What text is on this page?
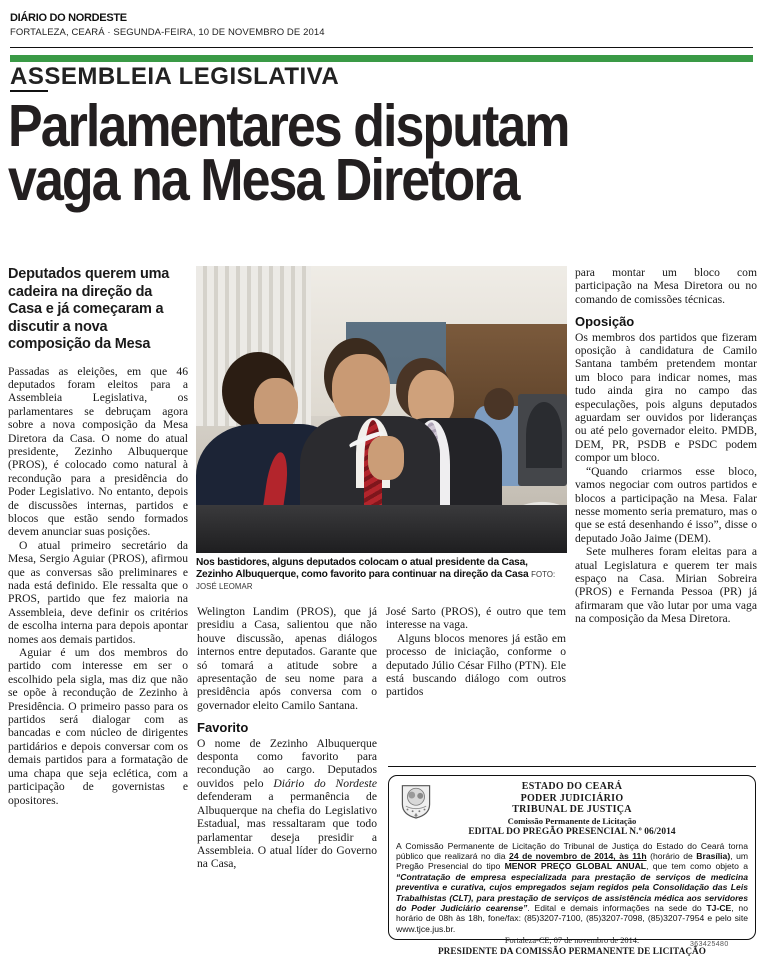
DIÁRIO DO NORDESTE
FORTALEZA, CEARÁ · SEGUNDA-FEIRA, 10 DE NOVEMBRO DE 2014
ASSEMBLEIA LEGISLATIVA
Parlamentares disputam
vaga na Mesa Diretora
Nos bastidores, alguns deputados colocam o atual presidente da Casa, Zezinho Albuquerque, como favorito para continuar na direção da Casa FOTO: JOSÉ LEOMAR
Deputados querem uma cadeira na direção da Casa e já começaram a discutir a nova composição da Mesa

Passadas as eleições, em que 46 deputados foram eleitos para a Assembleia Legislativa, os parlamentares se debruçam agora sobre a nova composição da Mesa Diretora da Casa. O nome do atual presidente, Zezinho Albuquerque (PROS), é colocado como natural à recondução para a presidência do Poder Legislativo. No entanto, depois de discussões internas, partidos e blocos que estão sendo formados devem anunciar suas posições.

O atual primeiro secretário da Mesa, Sergio Aguiar (PROS), afirmou que as conversas são preliminares e nada está definido. Ele ressalta que o PROS, partido que fez maioria na Assembleia, deve definir os critérios de escolha interna para depois apontar nomes aos demais partidos.

Aguiar é um dos membros do partido com interesse em ser o escolhido pela sigla, mas diz que não se opõe à recondução de Zezinho à Presidência. O primeiro passo para os partidos será dialogar com as bancadas e com núcleo de dirigentes partidários e depois conversar com os demais partidos para a formatação de uma chapa que seja eclética, com a participação de governistas e opositores.

Welington Landim (PROS), que já presidiu a Casa, salientou que não houve discussão, apenas diálogos internos entre deputados. Garante que só tomará a atitude sobre a apresentação de seu nome para a presidência após conversa com o governador eleito Camilo Santana.

Favorito

O nome de Zezinho Albuquerque desponta como favorito para recondução ao cargo. Deputados ouvidos pelo Diário do Nordeste defenderam a permanência de Albuquerque na chefia do Legislativo Estadual, mas ressaltaram que todo parlamentar deseja presidir a Assembleia. O atual líder do Governo na Casa,

José Sarto (PROS), é outro que tem interesse na vaga.

Alguns blocos menores já estão em processo de iniciação, conforme o deputado Júlio César Filho (PTN). Ele está buscando diálogo com outros partidos

para montar um bloco com participação na Mesa Diretora ou no comando de comissões técnicas.

Oposição

Os membros dos partidos que fizeram oposição à candidatura de Camilo Santana também pretendem montar um bloco para indicar nomes, mas tudo ainda gira no campo das especulações, pois alguns deputados aguardam ser ouvidos por lideranças ou até pelo governador eleito. PMDB, DEM, PR, PSDB e PSDC podem compor um bloco.

“Quando criarmos esse bloco, vamos negociar com outros partidos e blocos a participação na Mesa. Falar nesse momento seria prematuro, mas o que se está desenhando é isso”, disse o deputado João Jaime (DEM).

Sete mulheres foram eleitas para a atual Legislatura e querem ter mais espaço na Casa. Mirian Sobreira (PROS) e Fernanda Pessoa (PR) já afirmaram que vão lutar por uma vaga na composição da Mesa Diretora.

ESTADO DO CEARÁ
PODER JUDICIÁRIO
TRIBUNAL DE JUSTIÇA
Comissão Permanente de Licitação
EDITAL DO PREGÃO PRESENCIAL N.º 06/2014
A Comissão Permanente de Licitação do Tribunal de Justiça do Estado do Ceará torna público que realizará no dia 24 de novembro de 2014, às 11h (horário de Brasília), um Pregão Presencial do tipo MENOR PREÇO GLOBAL ANUAL, que tem como objeto a “Contratação de empresa especializada para prestação de serviços de medicina preventiva e curativa, cujos empregados sejam regidos pela Consolidação das Leis Trabalhistas (CLT), para prestação de serviços de assistência médica aos servidores do Poder Judiciário cearense”. Edital e demais informações na sede do TJ-CE, no horário de 08h às 18h, fone/fax: (85)3207-7100, (85)3207-7098, (85)3207-7954 e pelo site www.tjce.jus.br.
Fortaleza-CE, 07 de novembro de 2014.
PRESIDENTE DA COMISSÃO PERMANENTE DE LICITAÇÃO
363425480
